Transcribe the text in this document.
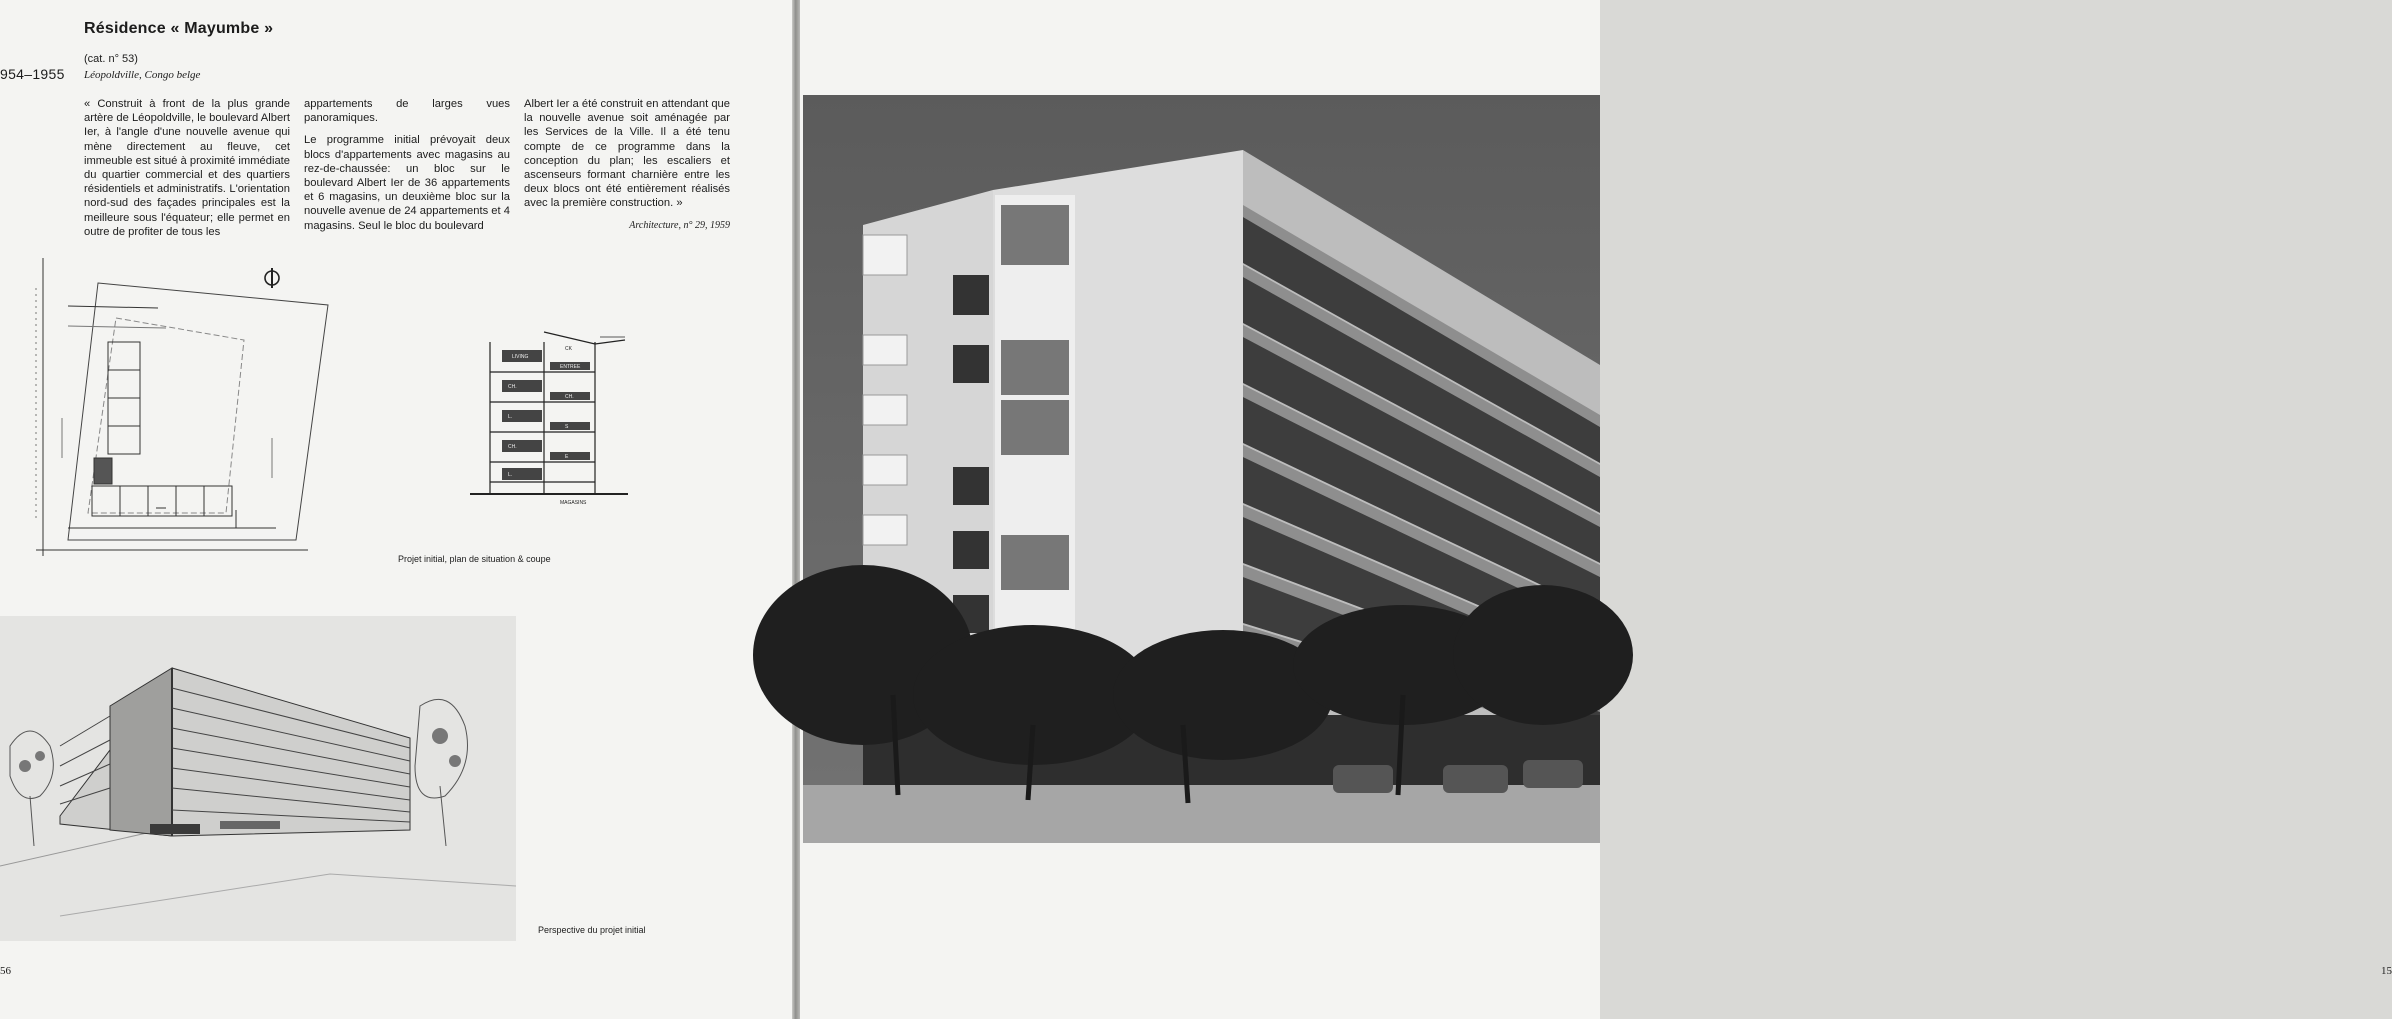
Résidence « Mayumbe »
(cat. n° 53)
954–1955 Léopoldville, Congo belge

« Construit à front de la plus grande artère de Léopoldville, le boulevard Albert Ier, à l'angle d'une nouvelle avenue qui mène directement au fleuve, cet immeuble est situé à proximité immédiate du quartier commercial et des quartiers résidentiels et administratifs. L'orientation nord-sud des façades principales est la meilleure sous l'équateur; elle permet en outre de profiter de tous les

appartements de larges vues panoramiques.

Le programme initial prévoyait deux blocs d'appartements avec magasins au rez-de-chaussée: un bloc sur le boulevard Albert Ier de 36 appartements et 6 magasins, un deuxième bloc sur la nouvelle avenue de 24 appartements et 4 magasins. Seul le bloc du boulevard

Albert Ier a été construit en attendant que la nouvelle avenue soit aménagée par les Services de la Ville. Il a été tenu compte de ce programme dans la conception du plan; les escaliers et ascenseurs formant charnière entre les deux blocs ont été entièrement réalisés avec la première construction. »

Architecture, n° 29, 1959
LIVING
CH.
L.
CH.
L.
ENTREE
CH.
S
E
CK
MAGASINS
Projet initial, plan de situation & coupe
Perspective du projet initial
56	15
